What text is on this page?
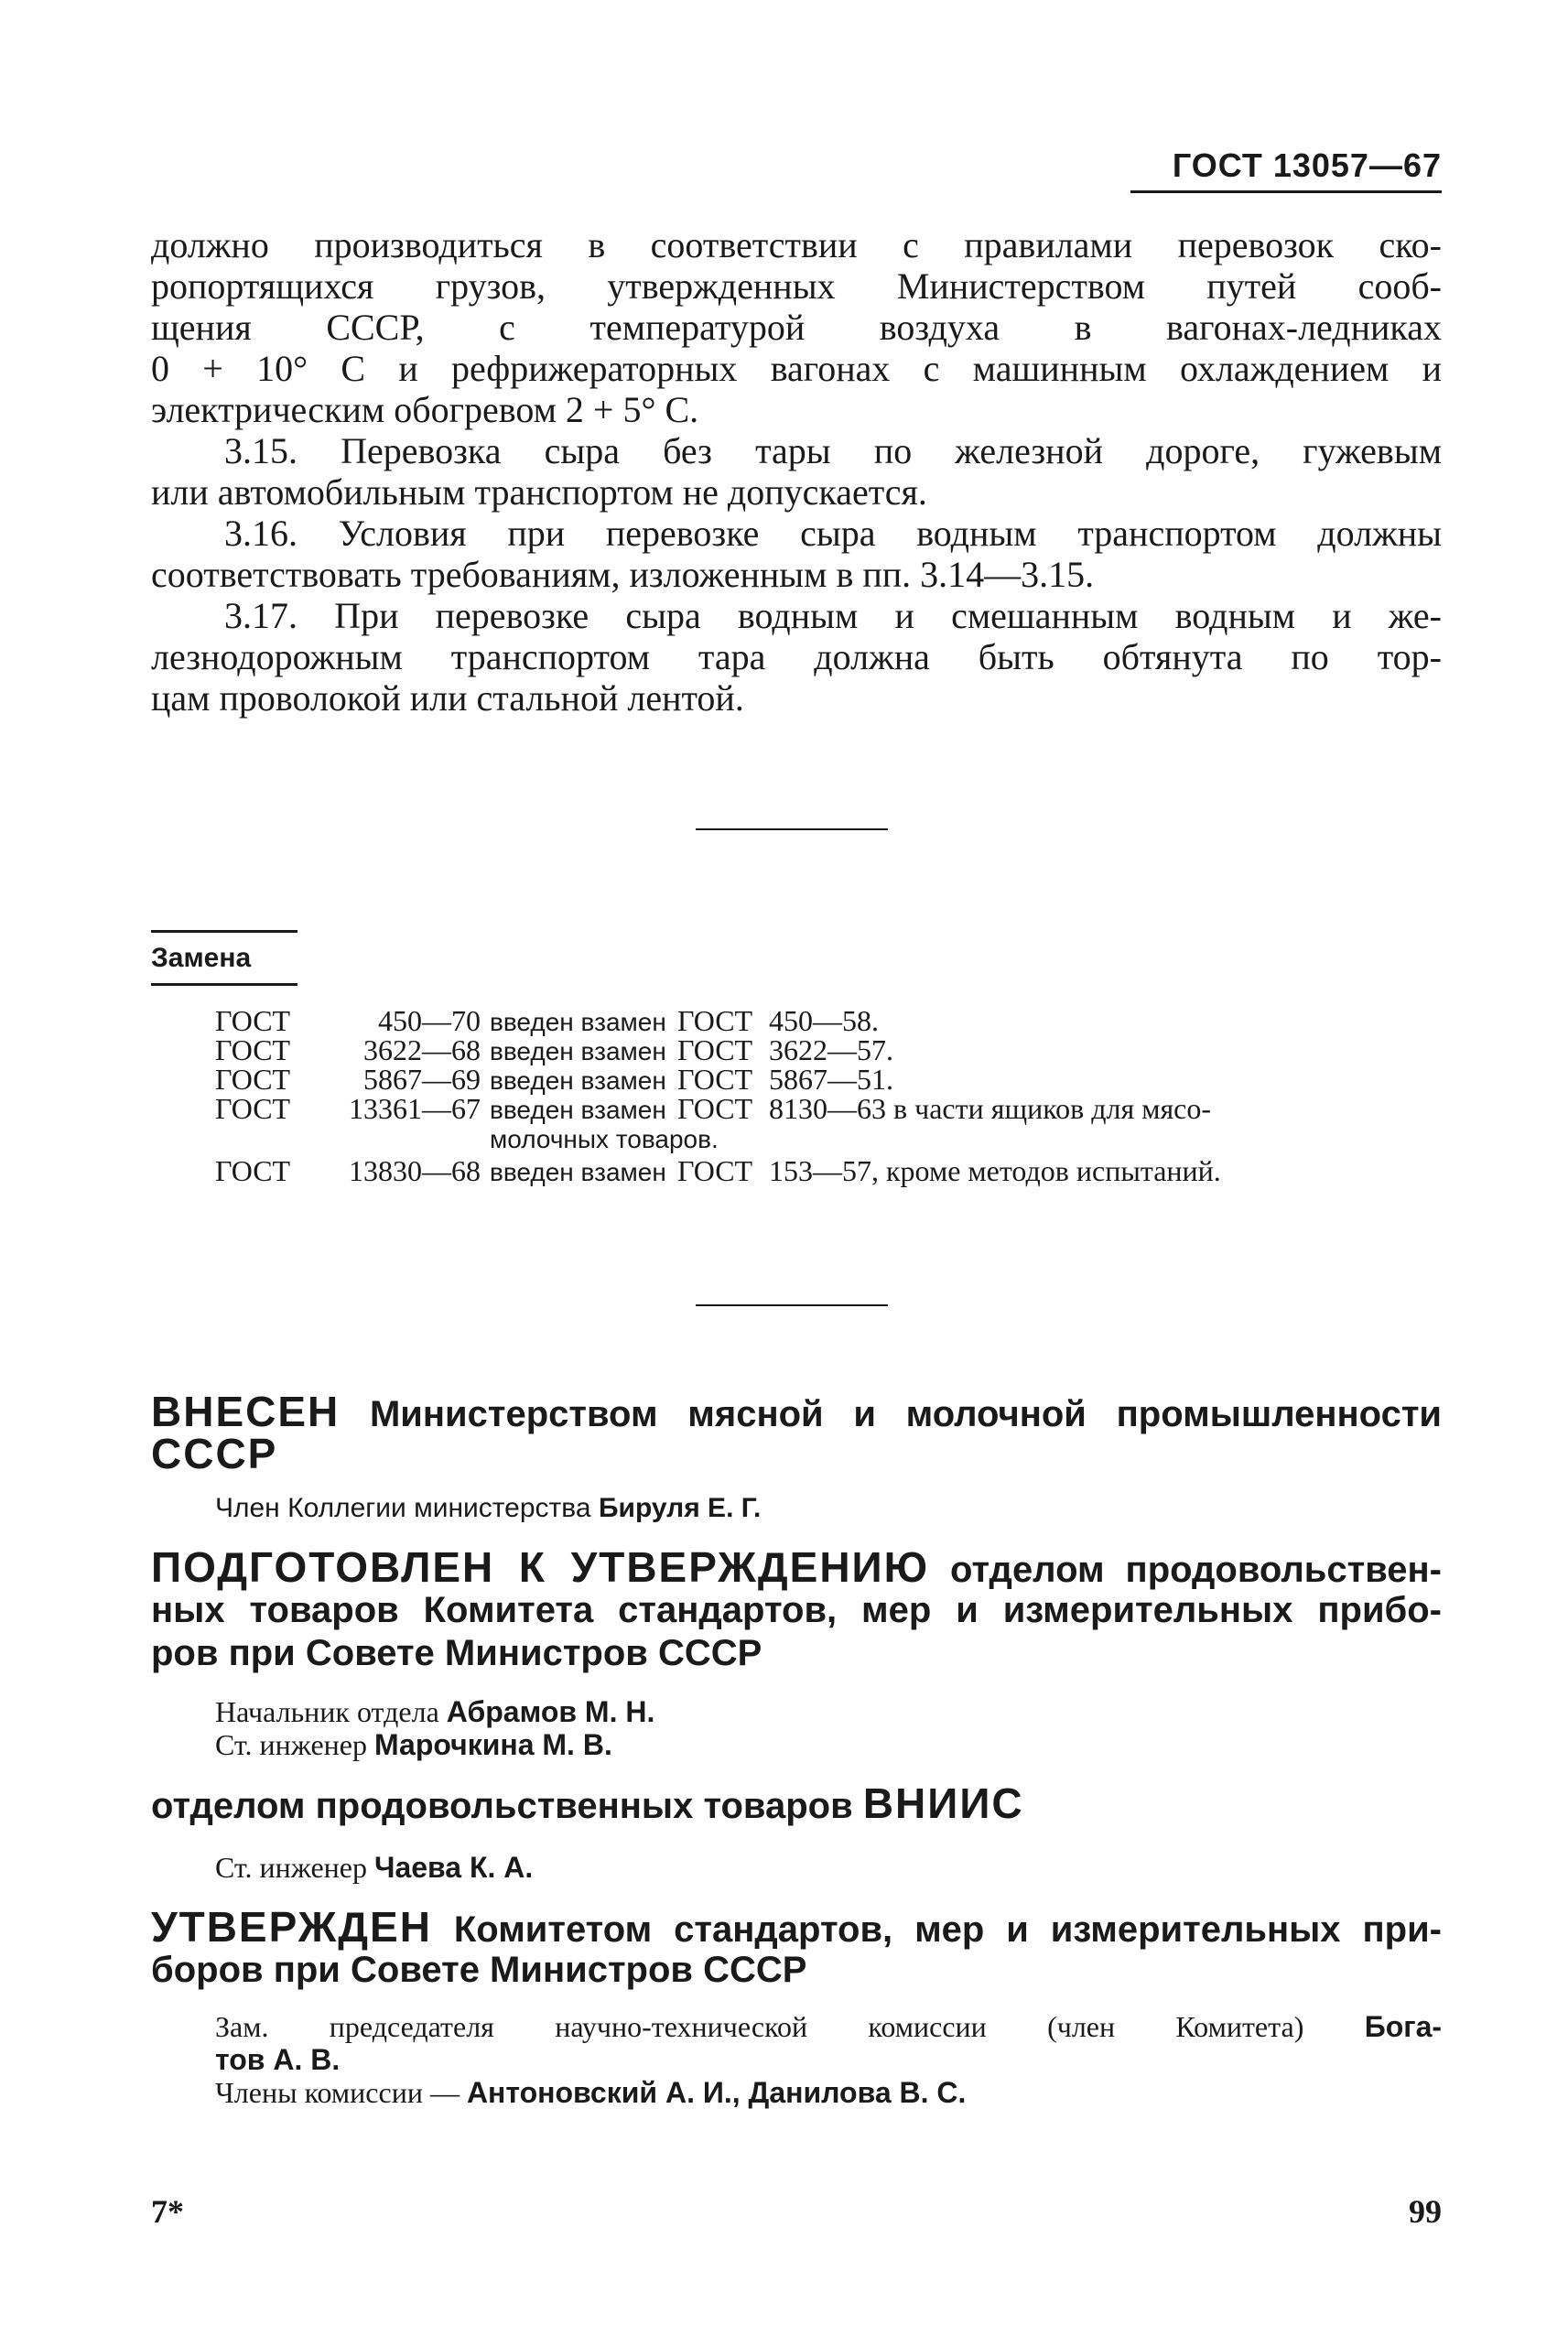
ГОСТ 13057—67
должно производиться в соответствии с правилами перевозок ско-
ропортящихся грузов, утвержденных Министерством путей сооб-
щения СССР, с температурой воздуха в вагонах-ледниках
0 + 10° С и рефрижераторных вагонах с машинным охлаждением и
электрическим обогревом 2 + 5° С.
3.15. Перевозка сыра без тары по железной дороге, гужевым
или автомобильным транспортом не допускается.
3.16. Условия при перевозке сыра водным транспортом должны
соответствовать требованиям, изложенным в пп. 3.14—3.15.
3.17. При перевозке сыра водным и смешанным водным и же-
лезнодорожным транспортом тара должна быть обтянута по тор-
цам проволокой или стальной лентой.
Замена
ГОСТ	450—70 введен взамен ГОСТ 450—58.
ГОСТ 3622—68 введен взамен ГОСТ 3622—57.
ГОСТ 5867—69 введен взамен ГОСТ 5867—51.
ГОСТ 13361—67 введен взамен ГОСТ 8130—63 в части ящиков для мясо-
молочных товаров.
ГОСТ 13830—68 введен взамен ГОСТ 153—57, кроме методов испытаний.
ВНЕСЕН Министерством мясной и молочной промышленности
СССР
Член Коллегии министерства Бируля Е. Г.
ПОДГОТОВЛЕН К УТВЕРЖДЕНИЮ отделом продовольствен-
ных товаров Комитета стандартов, мер и измерительных прибо-
ров при Совете Министров СССР
Начальник отдела Абрамов М. Н.
Ст. инженер Марочкина М. В.
отделом продовольственных товаров ВНИИС
Ст. инженер Чаева К. А.
УТВЕРЖДЕН Комитетом стандартов, мер и измерительных при-
боров при Совете Министров СССР
Зам. председателя научно-технической комиссии (член Комитета) Бога-
тов А. В.
Члены комиссии — Антоновский А. И., Данилова В. С.
7*	99
